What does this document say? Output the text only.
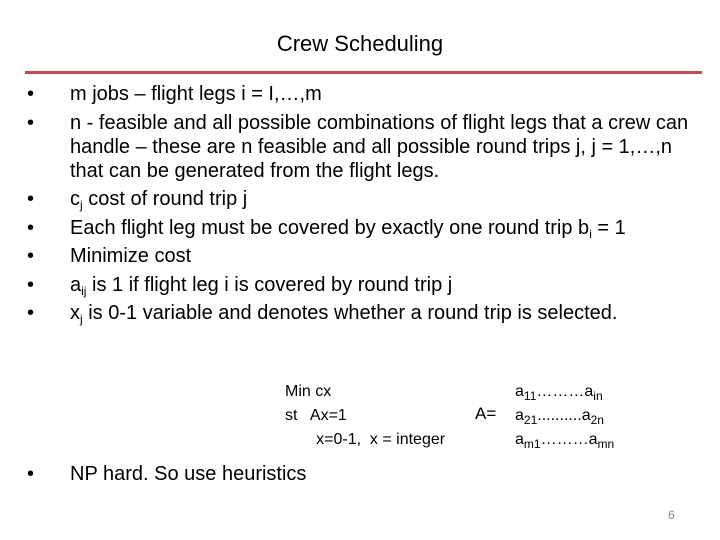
Crew Scheduling
•	m jobs – flight legs i = I,…,m
•	n - feasible and all possible combinations of flight legs that a crew can handle – these are n feasible and all possible round trips j, j = 1,…,n that can be generated from the flight legs.
•	$c_j$ cost of round trip j
•	Each flight leg must be covered by exactly one round trip $b_i = 1$
•	Minimize cost
•	$a_{ij}$ is 1 if flight leg i is covered by round trip j
•	$x_j$ is 0-1 variable and denotes whether a round trip is selected.
Min cx
st   Ax=1
x=0-1,  x = integer
A=
$a_{11}\dots\dots\dots a_{in}$
$a_{21}..........a_{2n}$
$a_{m1}\dots\dots\dots a_{mn}$
• NP hard. So use heuristics
6
